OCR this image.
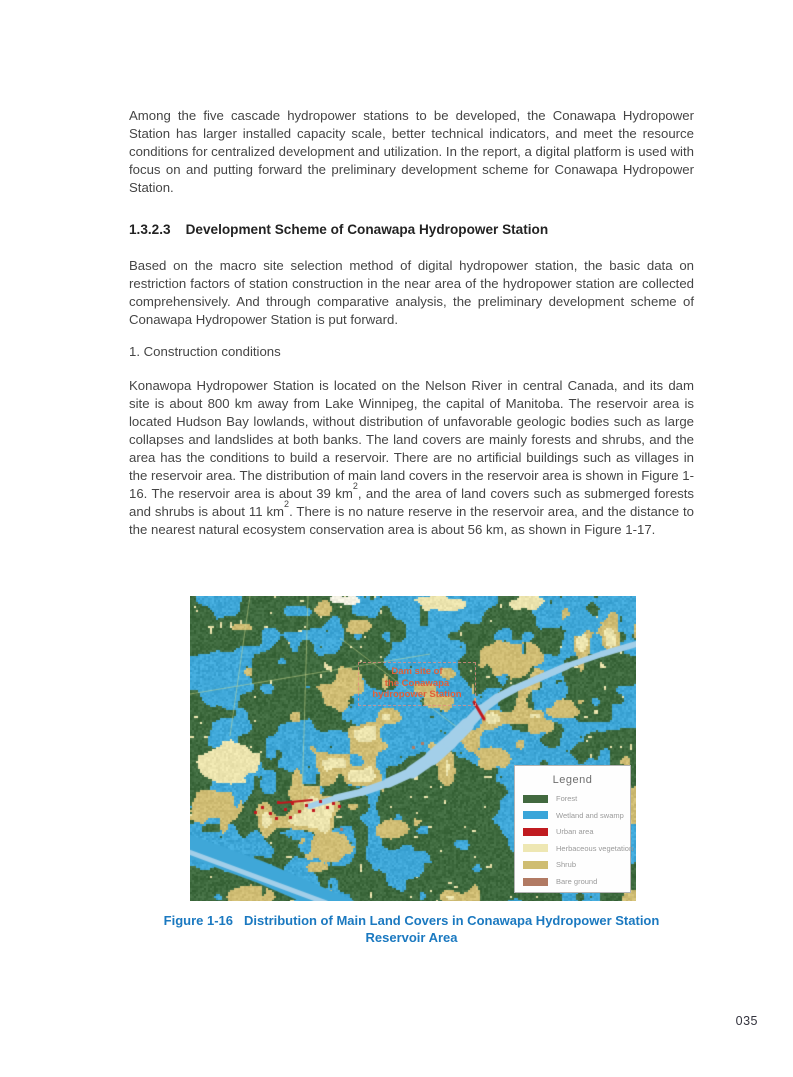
Among the five cascade hydropower stations to be developed, the Conawapa Hydropower Station has larger installed capacity scale, better technical indicators, and meet the resource conditions for centralized development and utilization. In the report, a digital platform is used with focus on and putting forward the preliminary development scheme for Conawapa Hydropower Station.

1.3.2.3 Development Scheme of Conawapa Hydropower Station

Based on the macro site selection method of digital hydropower station, the basic data on restriction factors of station construction in the near area of the hydropower station are collected comprehensively. And through comparative analysis, the preliminary development scheme of Conawapa Hydropower Station is put forward.

1. Construction conditions

Konawopa Hydropower Station is located on the Nelson River in central Canada, and its dam site is about 800 km away from Lake Winnipeg, the capital of Manitoba. The reservoir area is located Hudson Bay lowlands, without distribution of unfavorable geologic bodies such as large collapses and landslides at both banks. The land covers are mainly forests and shrubs, and the area has the conditions to build a reservoir. There are no artificial buildings such as villages in the reservoir area. The distribution of main land covers in the reservoir area is shown in Figure 1-16. The reservoir area is about 39 $km^2$, and the area of land covers such as submerged forests and shrubs is about 11 $km^2$. There is no nature reserve in the reservoir area, and the distance to the nearest natural ecosystem conservation area is about 56 km, as shown in Figure 1-17.

Dam site of
the Conawapa
hydropower Station
Legend
Forest
Wetland and swamp
Urban area
Herbaceous vegetation
Shrub
Bare ground
Figure 1-16 Distribution of Main Land Covers in Conawapa Hydropower Station
Reservoir Area
035
